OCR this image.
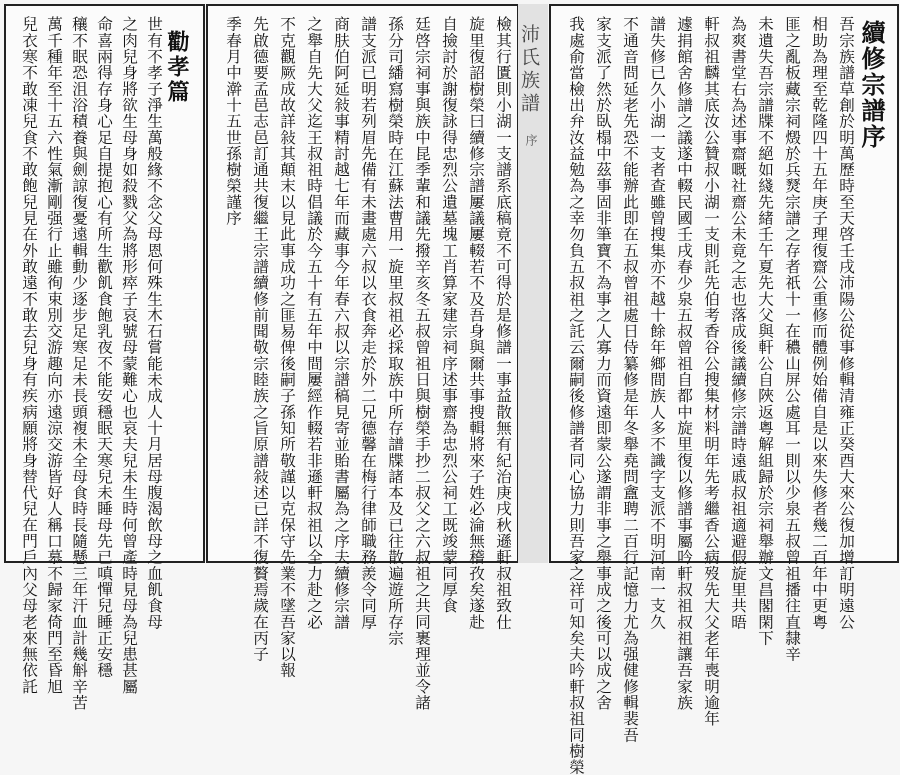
續修宗譜序
吾宗族譜草創於明萬歷時至天啓壬戌沛陽公從事修輯清雍正癸酉大來公復加增訂明遠公
相助為理至乾隆四十五年庚子理復齋公重修而體例始備自是以來失修者幾二百年中更粤
匪之亂板藏宗祠燬於兵燹宗譜之存者祇十一在穠山屏公處耳一則以少泉五叔曾祖播往直隸辛
未遺失吾宗譜牒不絕如綫先緒壬午夏先大父與軒公自陜返粤解組歸於宗祠舉辦文昌閣閑下
為爽書堂右為述事齋嘅社齋公未竟之志也落成後議續修宗譜時遠戚叔祖適避假旋里共晤
軒叔祖麟其底汝公贊叔小湖一支則託先伯考香谷公搜集材料明年先考繼香公病歿先大父老年喪明逾年
遽捐館舍修譜之議遂中輟民國壬戌春少泉五叔曾祖自都中旋里復以修譜事屬吟軒叔祖叔祖讓吾家族
譜失修已久小湖一支者查雖曾搜集亦不越十餘年鄉間族人多不識字支派不明河南一支久
不通音問延老先恐不能辦此即在五叔曾祖處日侍纂修是年冬舉堯問盦聘二百行記憶力尤為强健修輯裴吾
家支派了然於臥榻中茲事固非筆寶不為事之人寡力而資遠即蒙公遂謂非事之舉事成之後可以成之舍
我處俞當檢出弁汝益勉為之幸勿負五叔祖之託云爾嗣後修譜者同心協力則吾家之祥可知矣夫吟軒叔祖同樹榮
檢其行匱則小湖一支譜系底稿竟不可得於是修譜一事益散無有紀治庚戌秋遜軒叔祖致仕
旋里復詔樹榮曰續修宗譜屢議屢輟若不及吾身與爾共事搜輯將來子姓必淪無稽孜矣遂赴
自撿討於謝復詠得忠烈公遺墓塊工肖算家建宗祠序述事齋為忠烈公祠工既竣蒙同厚食
廷啓宗祠事與族中昆季輩和議先撥辛亥冬五叔曾祖日與樹榮手抄二叔父之六叔祖之共同裹理並令諸
孫分司繙寫樹榮時在江蘇法曹用一旋里叔祖必採取族中所存譜牒諸本及已往散遍遊所存宗
譜支派已明若列眉先備有未畫處六叔以衣食奔走於外二兄德馨在梅行律師職務羨令同厚
商肤伯阿延敍事精討越七年而藏事今年春六叔以宗譜稿見寄並貽書屬為之序夫續修宗譜
之舉自先大父迄王叔祖時倡議於今五十有五年中間屢經作輟若非遜軒叔祖以全力赴之必
不克觀厥成故詳敍其顛末以見此事成功之匪易俾後嗣子孫知所敬謹以克保守先業不墜吾家以報
先啟德要孟邑志邑訂通共復繼王宗譜續修前聞敬宗睦族之旨原譜敍述已詳不復贅焉歲在丙子
季春月中澣十五世孫樹榮謹序	沛氏族譜
序
勸孝篇
世有不孝子淨生萬般緣不念父母恩何殊生木石嘗能未成人十月居母腹渴飲母之血飢食母
之肉兒身將欲生母身如殺戮父為將形瘁子哀號母蒙難心也哀夫兒未生時何曾產時見母為兒患甚屬
命喜兩得存身心足自提抱心有所生歡飢食飽乳夜不能安穩眠天寒兒未睡母先已嗔憚兒睡正安穩
穰不眠恐沮浴積養與劍諒復憂遠輯動少逐步足寒足未長頭複未全母食時長隨懸三年汗血計幾斛辛苦
萬千種年至十五六性氣漸剛强行止雖徇束別交游趣向亦遠涼交游皆好人稱口慕不歸家倚門至昏旭
兒衣寒不敢凍兒食不敢飽兒見在外敢遠不敢去兒身有疾病願將身替代兒在門戶內父母老來無依託
